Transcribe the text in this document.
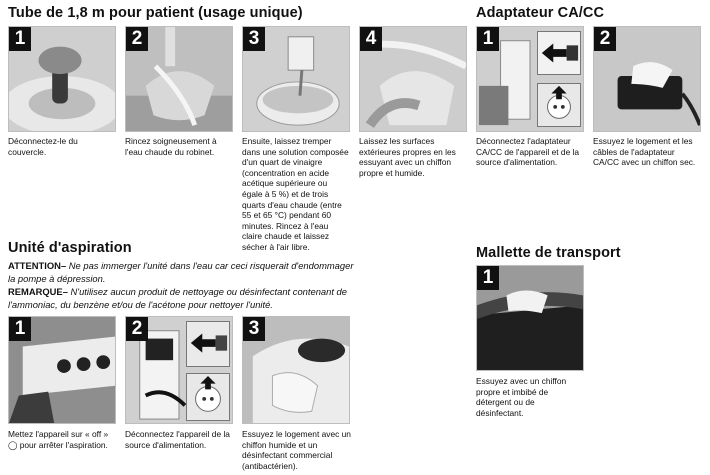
Tube de 1,8 m pour patient (usage unique)
1
Déconnectez-le du couvercle.
2
Rincez soigneusement à l'eau chaude du robinet.
3
Ensuite, laissez tremper dans une solution composée d'un quart de vinaigre (concentration en acide acétique supérieure ou égale à 5 %) et de trois quarts d'eau chaude (entre 55 et 65 °C) pendant 60 minutes. Rincez à l'eau claire chaude et laissez sécher à l'air libre.
4
Laissez les surfaces extérieures propres en les essuyant avec un chiffon propre et humide.
Adaptateur CA/CC
1
Déconnectez l'adaptateur CA/CC de l'appareil et de la source d'alimentation.
2
Essuyez le logement et les câbles de l'adaptateur CA/CC avec un chiffon sec.
Unité d'aspiration
ATTENTION– Ne pas immerger l'unité dans l'eau car ceci risquerait d'endommager la pompe à dépression.
REMARQUE– N'utilisez aucun produit de nettoyage ou désinfectant contenant de l'ammoniac, du benzène et/ou de l'acétone pour nettoyer l'unité.
1
Mettez l'appareil sur « off » ◯ pour arrêter l'aspiration.
2
Déconnectez l'appareil de la source d'alimentation.
3
Essuyez le logement avec un chiffon humide et un désinfectant commercial (antibactérien).
Mallette de transport
1
Essuyez avec un chiffon propre et imbibé de détergent ou de désinfectant.
